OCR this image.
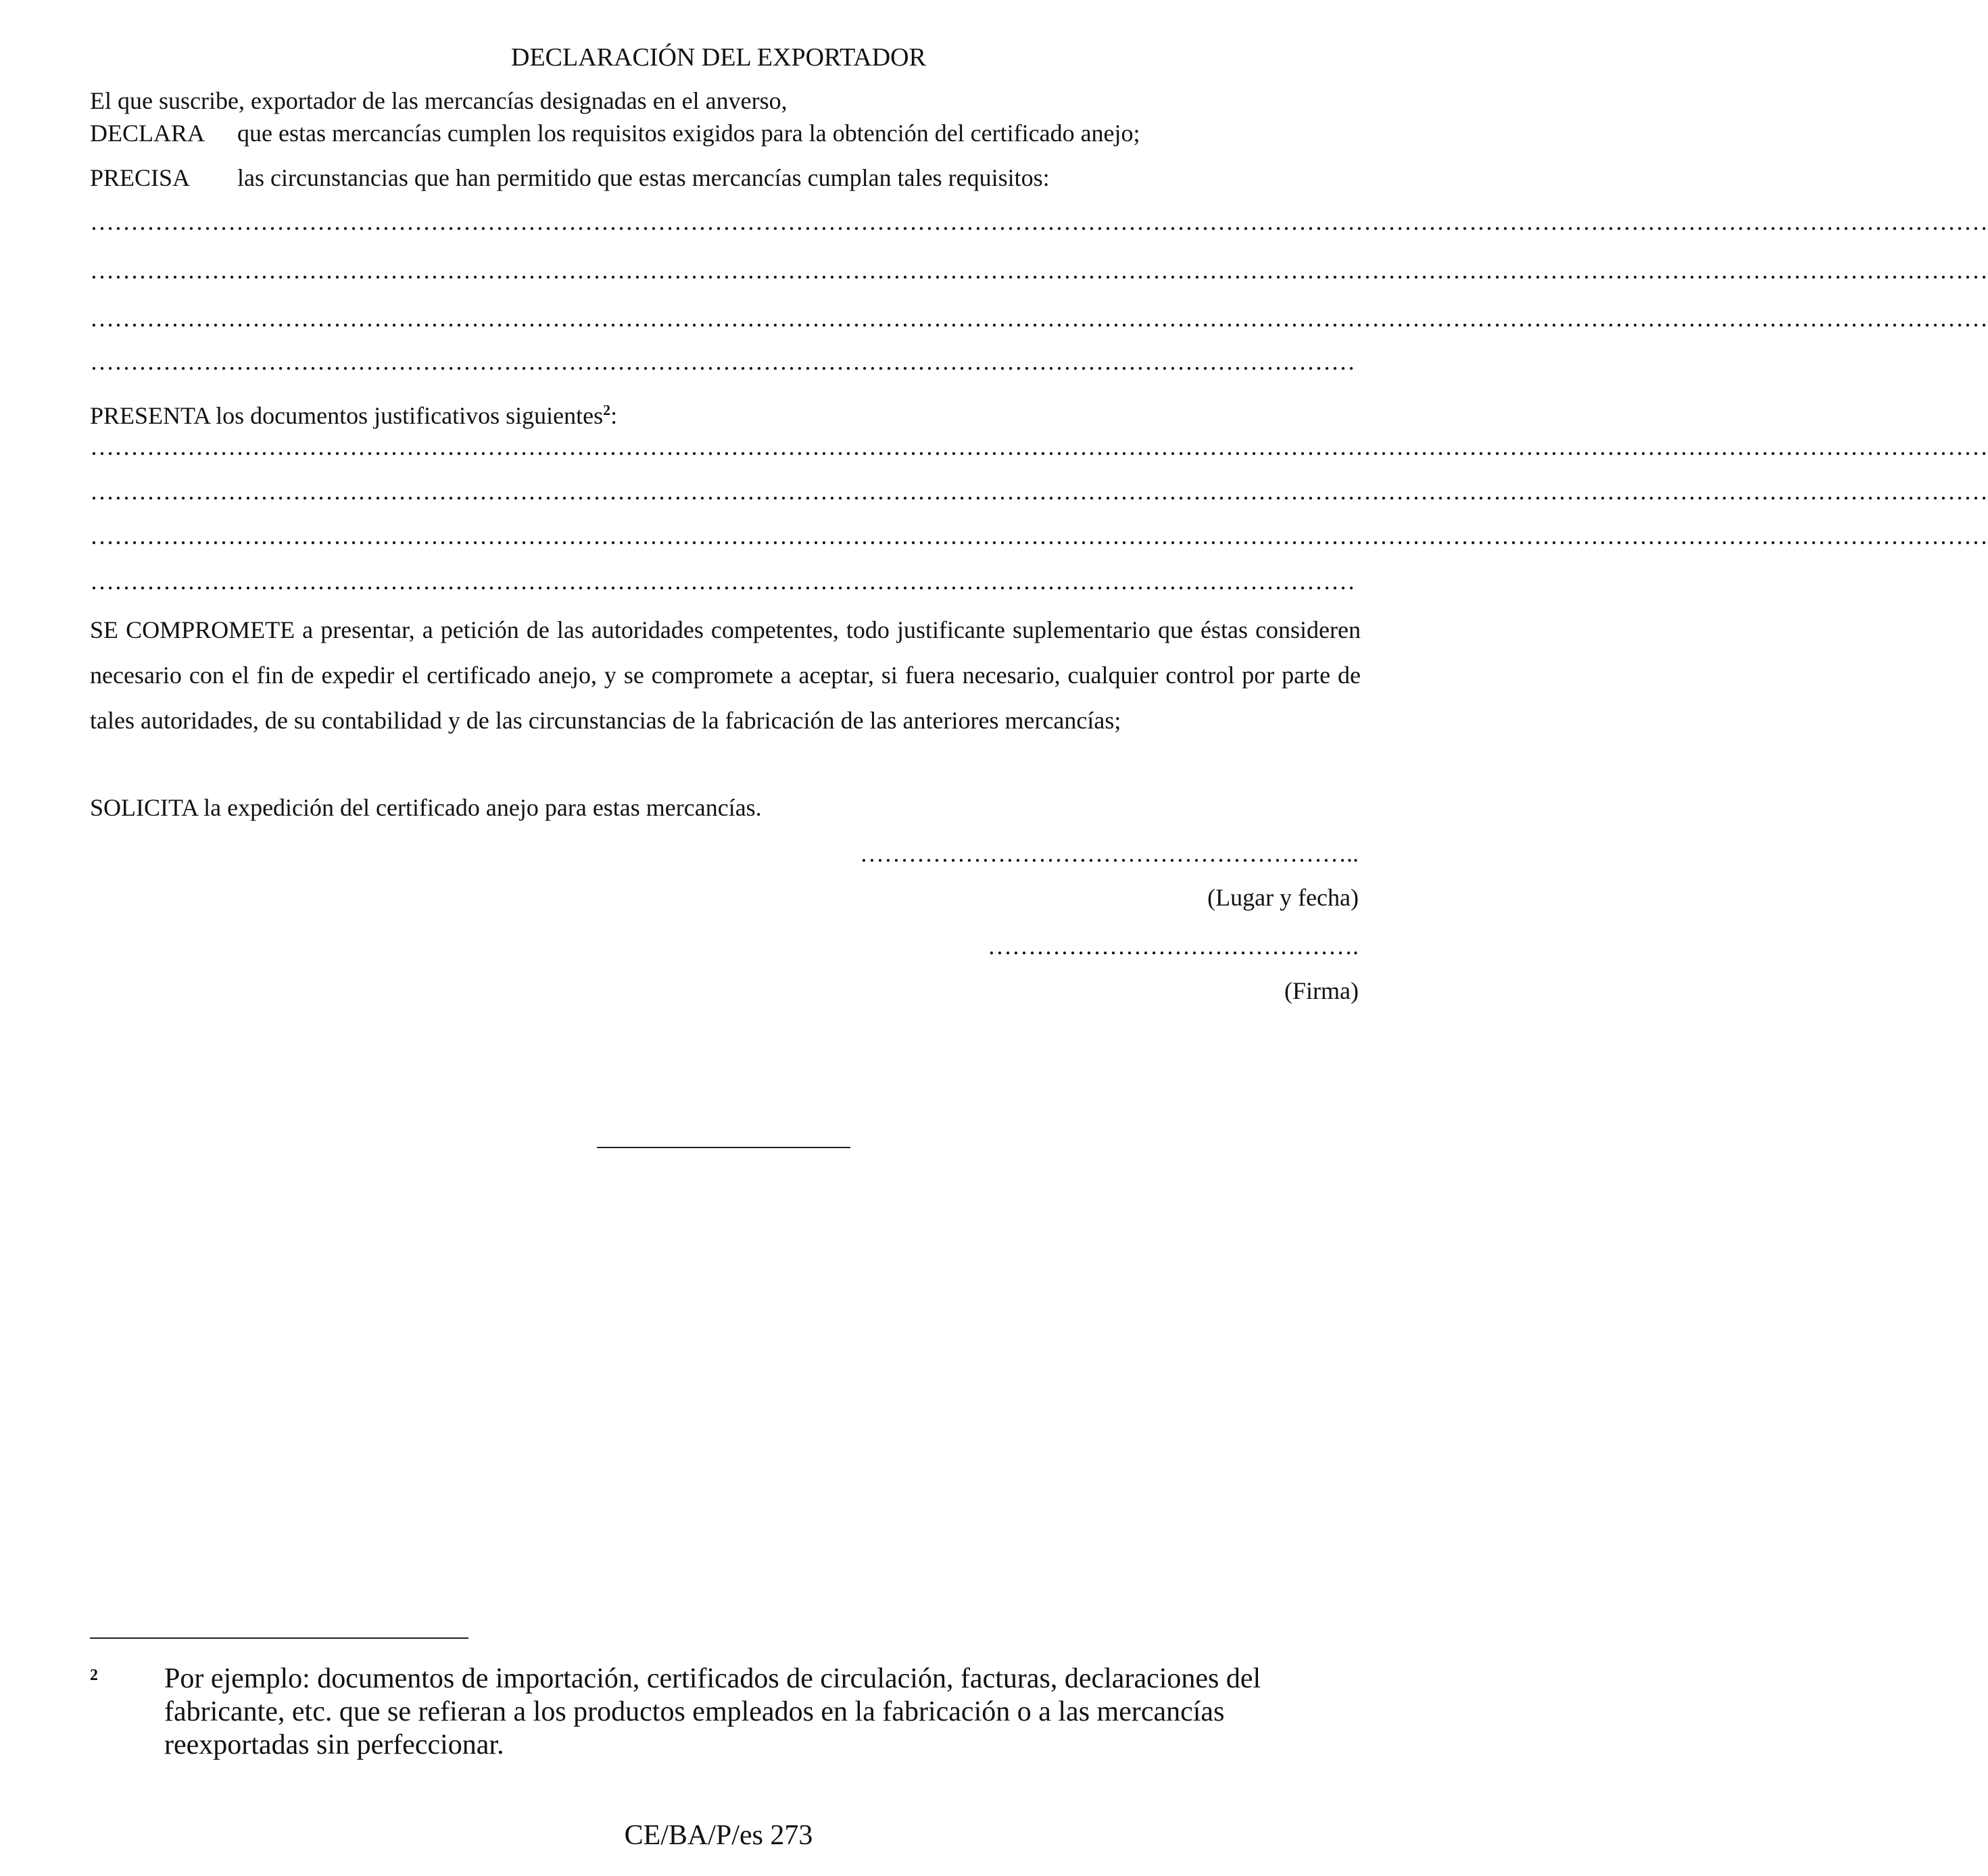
DECLARACIÓN DEL EXPORTADOR
El que suscribe, exportador de las mercancías designadas en el anverso,
DECLARA que estas mercancías cumplen los requisitos exigidos para la obtención del certificado anejo;
PRECISA las circunstancias que han permitido que estas mercancías cumplan tales requisitos:
………………………………………………………………………………………………………………………………………………………………………………………………………………
………………………………………………………………………………………………………………………………………………………………………………………………………………
………………………………………………………………………………………………………………………………………………………………………………………………………………
…………………………………………………………………………………………………………………………………………
PRESENTA los documentos justificativos siguientes$^2$:
………………………………………………………………………………………………………………………………………………………………………………………………………………
………………………………………………………………………………………………………………………………………………………………………………………………………………
………………………………………………………………………………………………………………………………………………………………………………………………………………
…………………………………………………………………………………………………………………………………………
SE COMPROMETE a presentar, a petición de las autoridades competentes, todo justificante suplementario que éstas consideren necesario con el fin de expedir el certificado anejo, y se compromete a aceptar, si fuera necesario, cualquier control por parte de tales autoridades, de su contabilidad y de las circunstancias de la fabricación de las anteriores mercancías;
SOLICITA la expedición del certificado anejo para estas mercancías.
……………………………………………………..
(Lugar y fecha)
……………………………………….
(Firma)
2 Por ejemplo: documentos de importación, certificados de circulación, facturas, declaraciones del fabricante, etc. que se refieran a los productos empleados en la fabricación o a las mercancías reexportadas sin perfeccionar.
CE/BA/P/es 273
